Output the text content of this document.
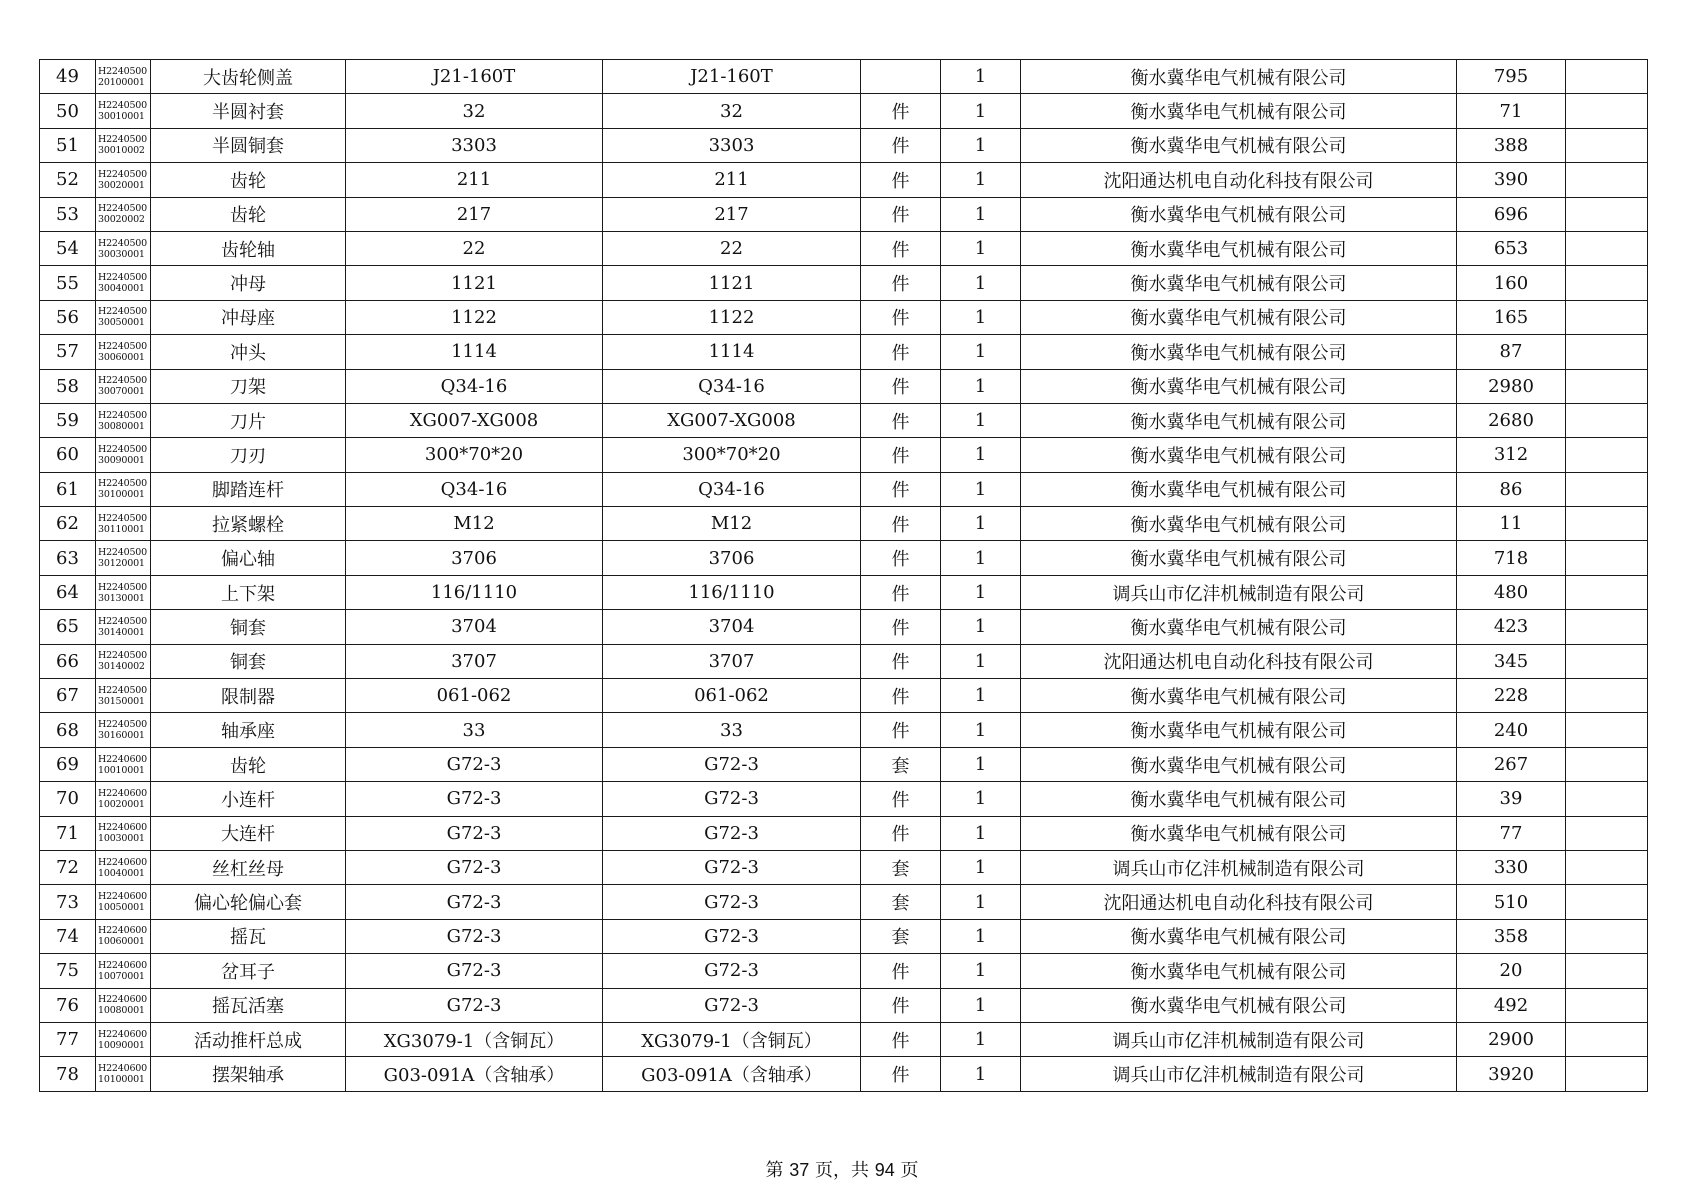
49	H224050020100001	大齿轮侧盖	J21-160T	J21-160T		1	衡水冀华电气机械有限公司	795	
50	H224050030010001	半圆衬套	32	32	件	1	衡水冀华电气机械有限公司	71	
51	H224050030010002	半圆铜套	3303	3303	件	1	衡水冀华电气机械有限公司	388	
52	H224050030020001	齿轮	211	211	件	1	沈阳通达机电自动化科技有限公司	390	
53	H224050030020002	齿轮	217	217	件	1	衡水冀华电气机械有限公司	696	
54	H224050030030001	齿轮轴	22	22	件	1	衡水冀华电气机械有限公司	653	
55	H224050030040001	冲母	1121	1121	件	1	衡水冀华电气机械有限公司	160	
56	H224050030050001	冲母座	1122	1122	件	1	衡水冀华电气机械有限公司	165	
57	H224050030060001	冲头	1114	1114	件	1	衡水冀华电气机械有限公司	87	
58	H224050030070001	刀架	Q34-16	Q34-16	件	1	衡水冀华电气机械有限公司	2980	
59	H224050030080001	刀片	XG007-XG008	XG007-XG008	件	1	衡水冀华电气机械有限公司	2680	
60	H224050030090001	刀刃	300*70*20	300*70*20	件	1	衡水冀华电气机械有限公司	312	
61	H224050030100001	脚踏连杆	Q34-16	Q34-16	件	1	衡水冀华电气机械有限公司	86	
62	H224050030110001	拉紧螺栓	M12	M12	件	1	衡水冀华电气机械有限公司	11	
63	H224050030120001	偏心轴	3706	3706	件	1	衡水冀华电气机械有限公司	718	
64	H224050030130001	上下架	116/1110	116/1110	件	1	调兵山市亿沣机械制造有限公司	480	
65	H224050030140001	铜套	3704	3704	件	1	衡水冀华电气机械有限公司	423	
66	H224050030140002	铜套	3707	3707	件	1	沈阳通达机电自动化科技有限公司	345	
67	H224050030150001	限制器	061-062	061-062	件	1	衡水冀华电气机械有限公司	228	
68	H224050030160001	轴承座	33	33	件	1	衡水冀华电气机械有限公司	240	
69	H224060010010001	齿轮	G72-3	G72-3	套	1	衡水冀华电气机械有限公司	267	
70	H224060010020001	小连杆	G72-3	G72-3	件	1	衡水冀华电气机械有限公司	39	
71	H224060010030001	大连杆	G72-3	G72-3	件	1	衡水冀华电气机械有限公司	77	
72	H224060010040001	丝杠丝母	G72-3	G72-3	套	1	调兵山市亿沣机械制造有限公司	330	
73	H224060010050001	偏心轮偏心套	G72-3	G72-3	套	1	沈阳通达机电自动化科技有限公司	510	
74	H224060010060001	摇瓦	G72-3	G72-3	套	1	衡水冀华电气机械有限公司	358	
75	H224060010070001	岔耳子	G72-3	G72-3	件	1	衡水冀华电气机械有限公司	20	
76	H224060010080001	摇瓦活塞	G72-3	G72-3	件	1	衡水冀华电气机械有限公司	492	
77	H224060010090001	活动推杆总成	XG3079-1（含铜瓦）	XG3079-1（含铜瓦）	件	1	调兵山市亿沣机械制造有限公司	2900	
78	H224060010100001	摆架轴承	G03-091A（含轴承）	G03-091A（含轴承）	件	1	调兵山市亿沣机械制造有限公司	3920	
第 37 页，共 94 页
